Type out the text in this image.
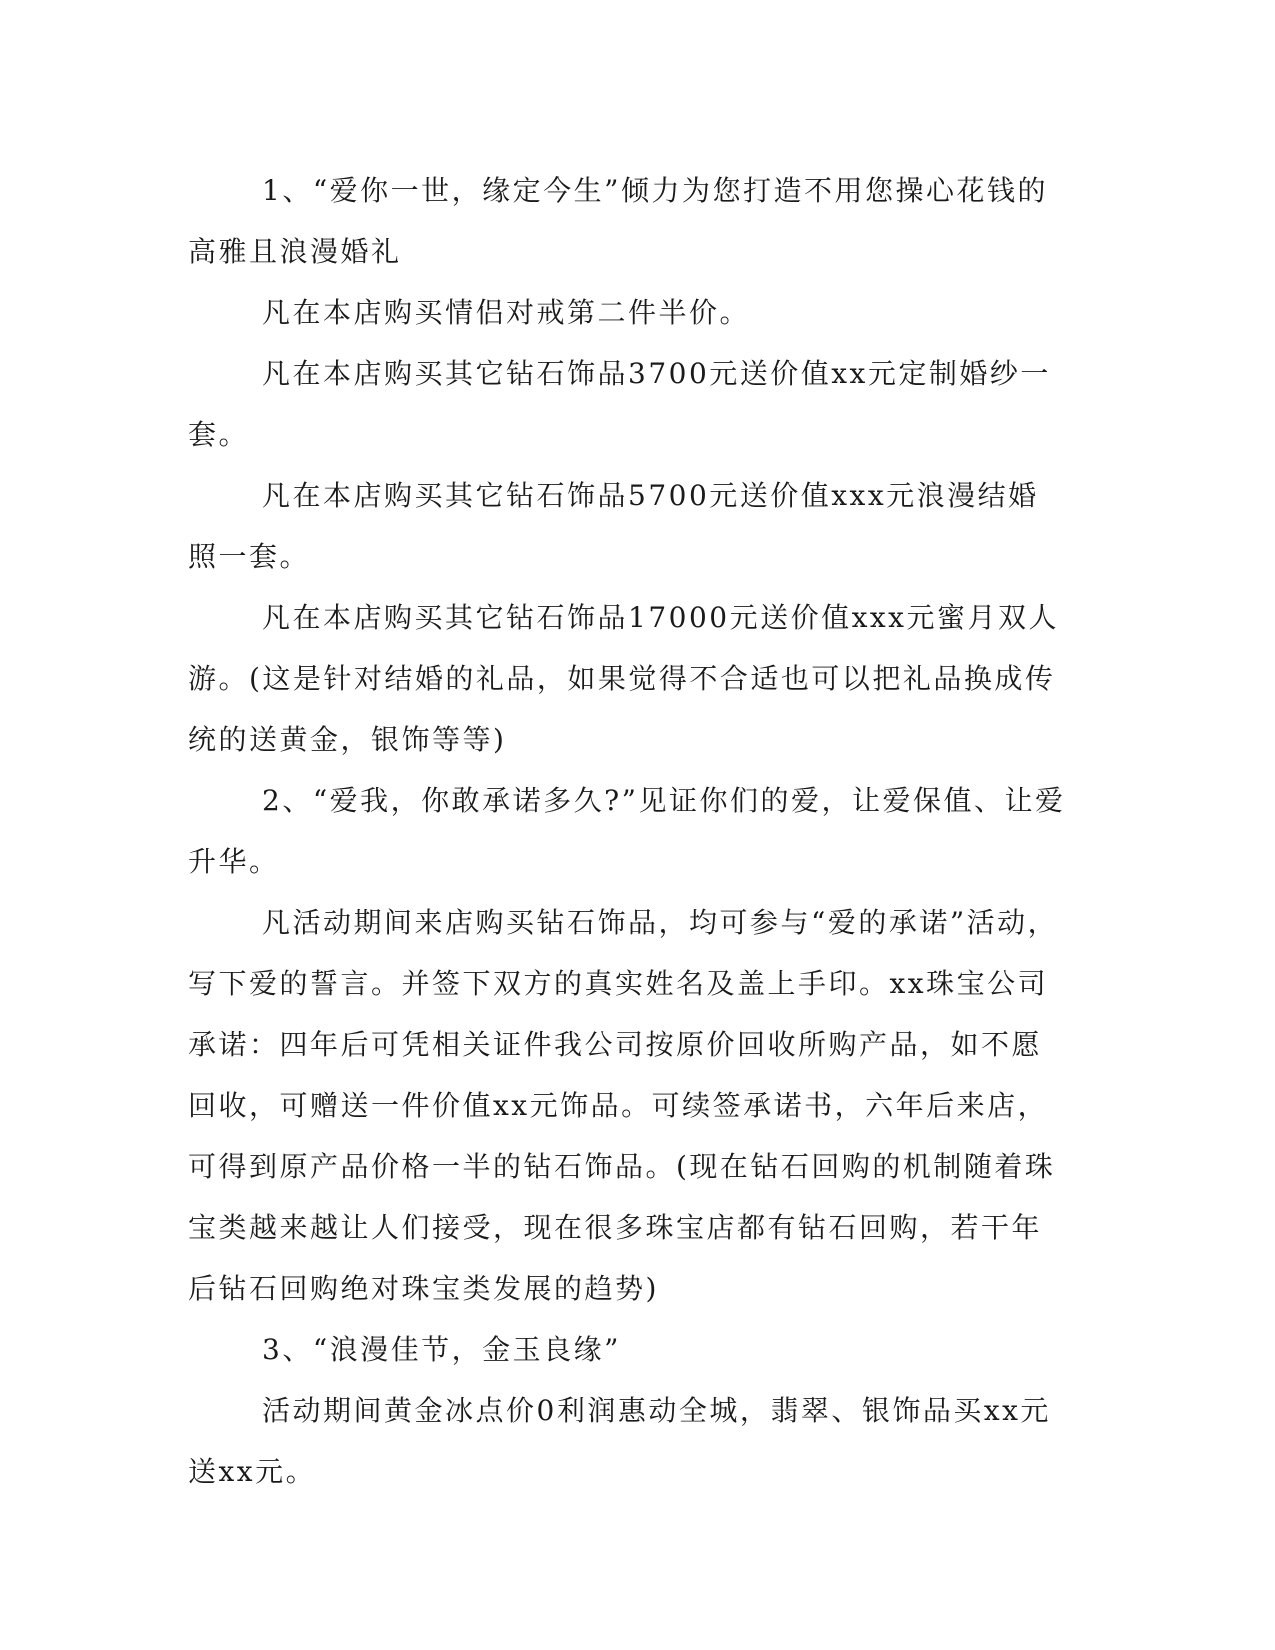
1、“爱你一世，缘定今生”倾力为您打造不用您操心花钱的高雅且浪漫婚礼

凡在本店购买情侣对戒第二件半价。

凡在本店购买其它钻石饰品3700元送价值xx元定制婚纱一套。

凡在本店购买其它钻石饰品5700元送价值xxx元浪漫结婚照一套。

凡在本店购买其它钻石饰品17000元送价值xxx元蜜月双人游。(这是针对结婚的礼品，如果觉得不合适也可以把礼品换成传统的送黄金，银饰等等)

2、“爱我，你敢承诺多久?”见证你们的爱，让爱保值、让爱升华。

凡活动期间来店购买钻石饰品，均可参与“爱的承诺”活动，写下爱的誓言。并签下双方的真实姓名及盖上手印。xx珠宝公司承诺：四年后可凭相关证件我公司按原价回收所购产品，如不愿回收，可赠送一件价值xx元饰品。可续签承诺书，六年后来店，可得到原产品价格一半的钻石饰品。(现在钻石回购的机制随着珠宝类越来越让人们接受，现在很多珠宝店都有钻石回购，若干年后钻石回购绝对珠宝类发展的趋势)

3、“浪漫佳节，金玉良缘”

活动期间黄金冰点价0利润惠动全城，翡翠、银饰品买xx元送xx元。
